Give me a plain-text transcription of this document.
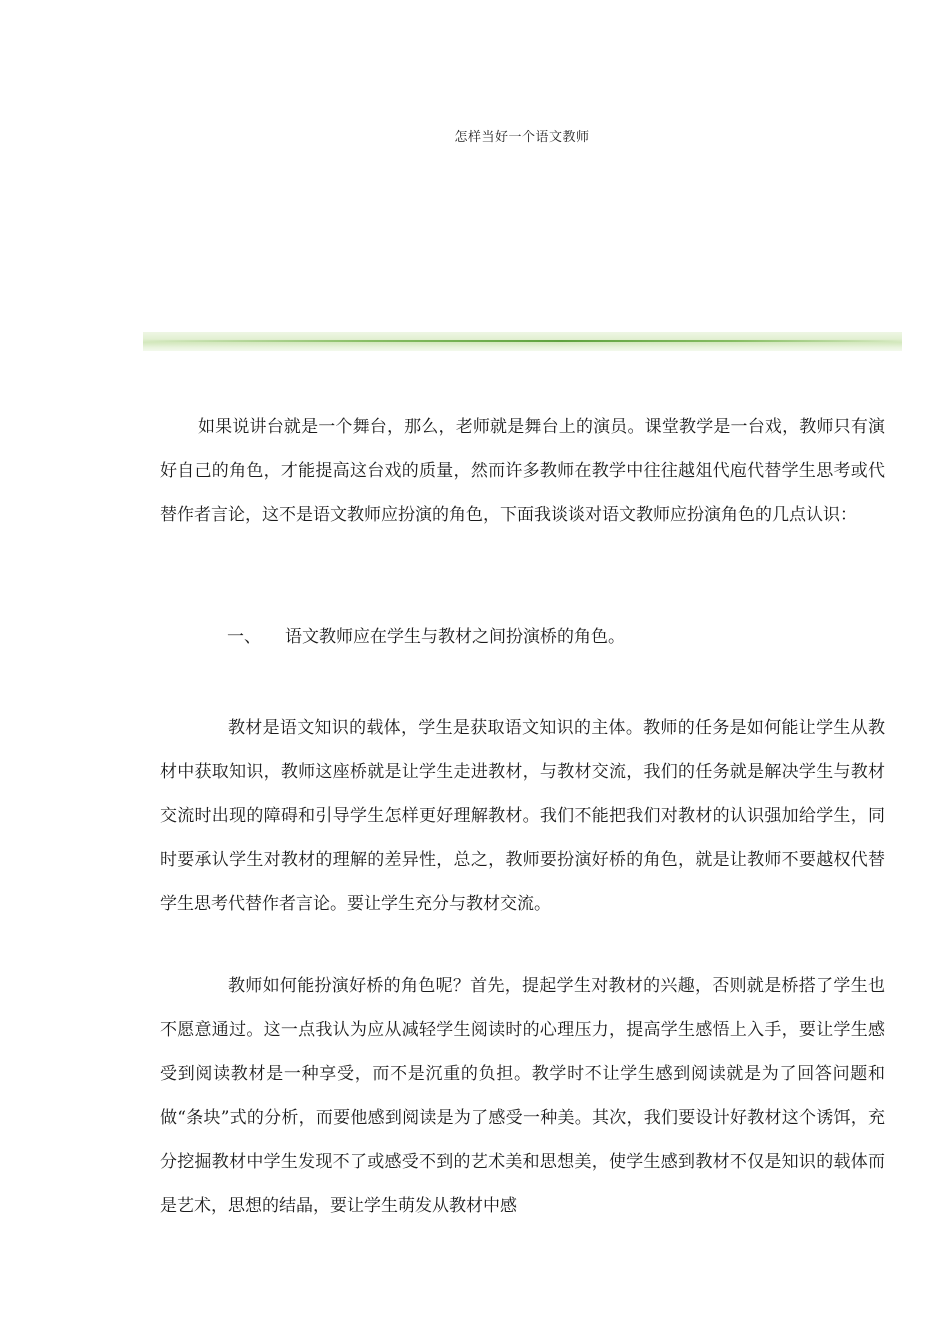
怎样当好一个语文教师
如果说讲台就是一个舞台，那么，老师就是舞台上的演员。课堂教学是一台戏，教师只有演好自己的角色，才能提高这台戏的质量，然而许多教师在教学中往往越俎代庖代替学生思考或代替作者言论，这不是语文教师应扮演的角色，下面我谈谈对语文教师应扮演角色的几点认识：
一、 语文教师应在学生与教材之间扮演桥的角色。
教材是语文知识的载体，学生是获取语文知识的主体。教师的任务是如何能让学生从教材中获取知识，教师这座桥就是让学生走进教材，与教材交流，我们的任务就是解决学生与教材交流时出现的障碍和引导学生怎样更好理解教材。我们不能把我们对教材的认识强加给学生，同时要承认学生对教材的理解的差异性，总之，教师要扮演好桥的角色，就是让教师不要越权代替学生思考代替作者言论。要让学生充分与教材交流。
教师如何能扮演好桥的角色呢？首先，提起学生对教材的兴趣，否则就是桥搭了学生也不愿意通过。这一点我认为应从减轻学生阅读时的心理压力，提高学生感悟上入手，要让学生感受到阅读教材是一种享受，而不是沉重的负担。教学时不让学生感到阅读就是为了回答问题和做“条块”式的分析，而要他感到阅读是为了感受一种美。其次，我们要设计好教材这个诱饵，充分挖掘教材中学生发现不了或感受不到的艺术美和思想美，使学生感到教材不仅是知识的载体而是艺术，思想的结晶，要让学生萌发从教材中感
